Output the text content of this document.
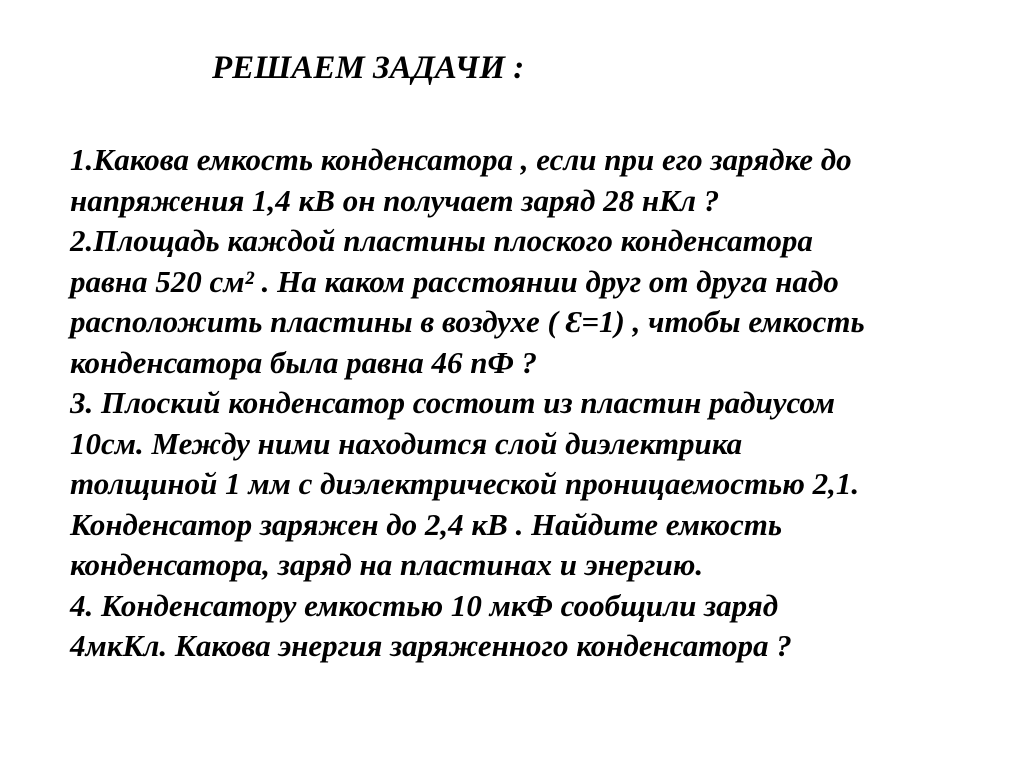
РЕШАЕМ ЗАДАЧИ :
1.Какова емкость конденсатора , если при его зарядке до
напряжения 1,4 кВ он получает заряд 28 нКл ?
2.Площадь каждой пластины плоского конденсатора
равна 520 см² . На каком расстоянии друг от друга надо
расположить пластины в воздухе ( Ɛ=1) , чтобы емкость
конденсатора была равна 46 пФ ?
3. Плоский конденсатор состоит из пластин радиусом
10см. Между ними находится слой диэлектрика
толщиной 1 мм с диэлектрической проницаемостью 2,1.
Конденсатор заряжен до 2,4 кВ . Найдите емкость
конденсатора, заряд на пластинах и энергию.
4. Конденсатору емкостью 10 мкФ сообщили заряд
4мкКл. Какова энергия заряженного конденсатора ?
